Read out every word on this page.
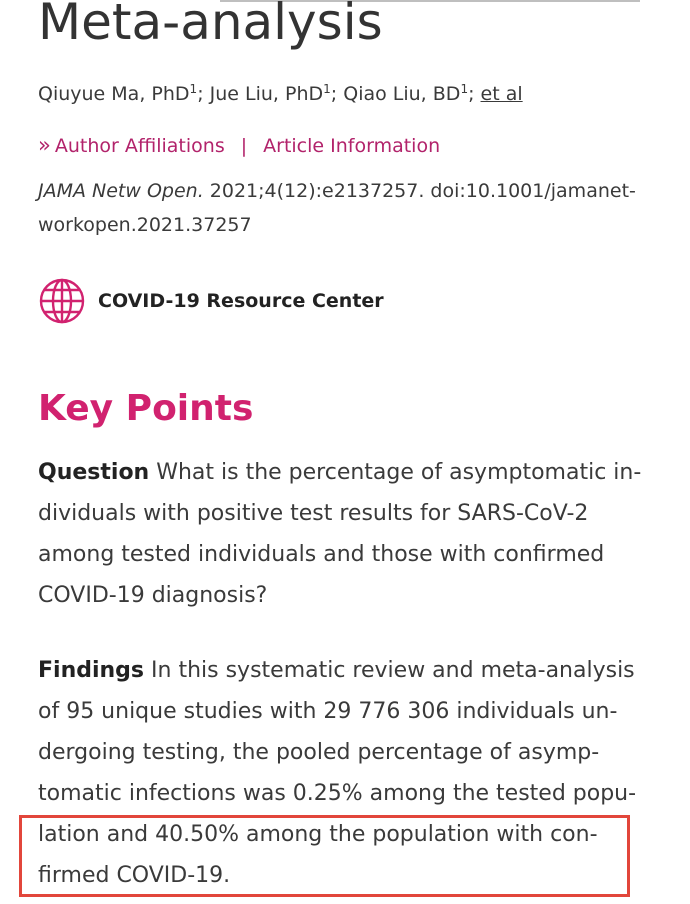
Meta-analysis
Qiuyue Ma, PhD$^1$; Jue Liu, PhD$^1$; Qiao Liu, $BD^1$; et al
» Author Affiliations | Article Information
JAMA Netw Open. 2021;4(12):e2137257. doi:10.1001/jamanet-
workopen.2021.37257
COVID-19 Resource Center
Key Points

Question What is the percentage of asymptomatic in-
dividuals with positive test results for SARS-CoV-2
among tested individuals and those with confirmed
COVID-19 diagnosis?

Findings In this systematic review and meta-analysis
of 95 unique studies with 29 776 306 individuals un-
dergoing testing, the pooled percentage of asymp-
tomatic infections was 0.25% among the tested popu-
lation and 40.50% among the population with con-
firmed COVID-19.
